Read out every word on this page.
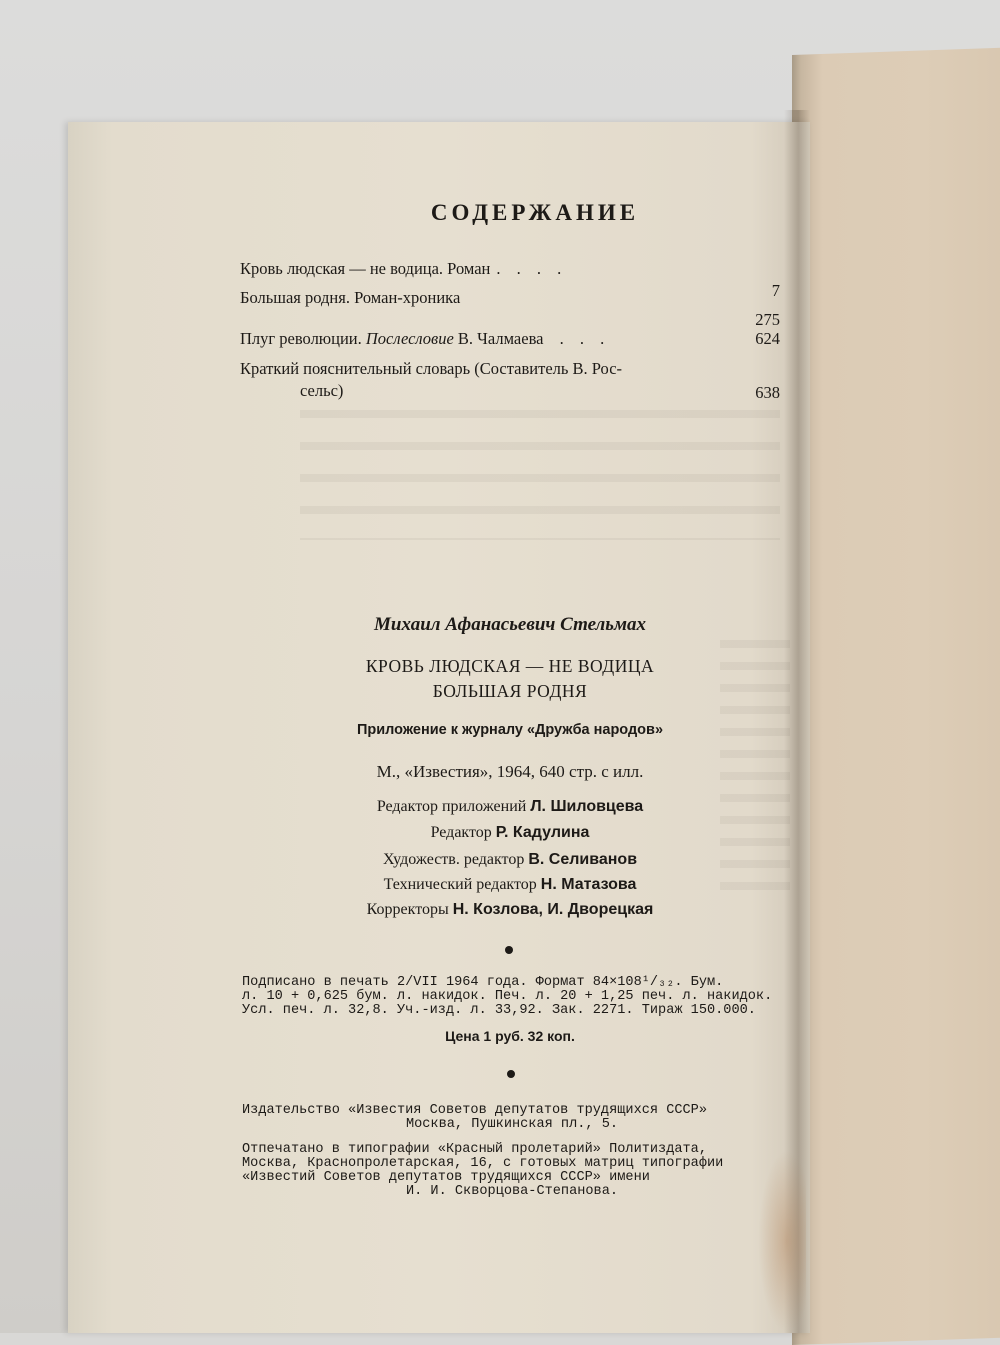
СОДЕРЖАНИЕ
Кровь людская — не водица. Роман . . . .
7
Большая родня. Роман-хроника
275
Плуг революции. Послесловие В. Чалмаева . . .	624
Краткий пояснительный словарь (Составитель В. Рос-
сельс)	638
Михаил Афанасьевич Стельмах
КРОВЬ ЛЮДСКАЯ — НЕ ВОДИЦА
БОЛЬШАЯ РОДНЯ
Приложение к журналу «Дружба народов»
М., «Известия», 1964, 640 стр. с илл.
Редактор приложений Л. Шиловцева
Редактор Р. Кадулина
Художеств. редактор В. Селиванов
Технический редактор Н. Матазова
Корректоры Н. Козлова, И. Дворецкая
Подписано в печать 2/VII 1964 года. Формат 84×108¹/₃₂. Бум.
л. 10 + 0,625 бум. л. накидок. Печ. л. 20 + 1,25 печ. л. накидок.
Усл. печ. л. 32,8. Уч.-изд. л. 33,92. Зак. 2271. Тираж 150.000.
Цена 1 руб. 32 коп.
Издательство «Известия Советов депутатов трудящихся СССР»
Москва, Пушкинская пл., 5.
Отпечатано в типографии «Красный пролетарий» Политиздата,
Москва, Краснопролетарская, 16, с готовых матриц типографии
«Известий Советов депутатов трудящихся СССР» имени
И. И. Скворцова-Степанова.
